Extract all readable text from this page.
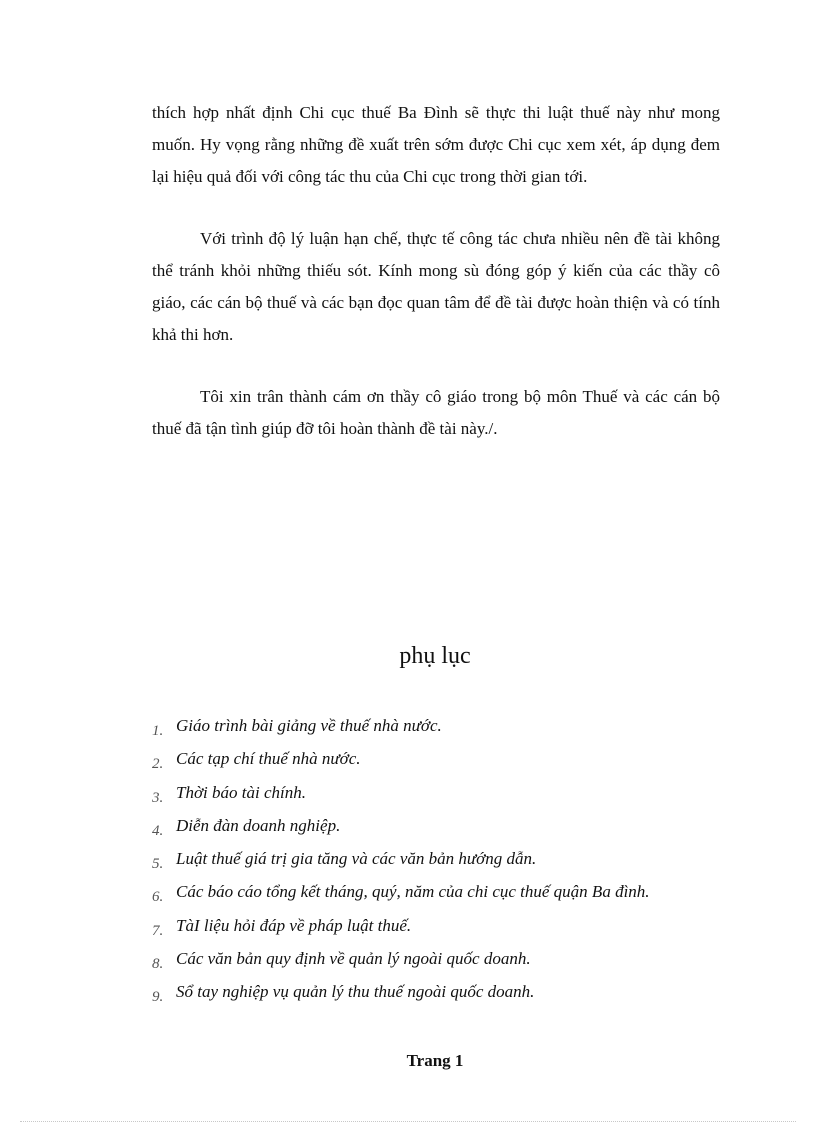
thích hợp nhất định Chi cục thuế Ba Đình sẽ thực thi luật thuế này như mong muốn. Hy vọng rằng những đề xuất trên sớm được Chi cục xem xét, áp dụng đem lại hiệu quả đối với công tác thu của Chi cục trong thời gian tới.

Với trình độ lý luận hạn chế, thực tế công tác chưa nhiều nên đề tài không thể tránh khỏi những thiếu sót. Kính mong sù đóng góp ý kiến của các thầy cô giáo, các cán bộ thuế và các bạn đọc quan tâm để đề tài được hoàn thiện và có tính khả thi hơn.

Tôi xin trân thành cám ơn thầy cô giáo trong bộ môn Thuế và các cán bộ thuế đã tận tình giúp đỡ tôi hoàn thành đề tài này./.

phụ lục
1. Giáo trình bài giảng về thuế nhà nước.
2. Các tạp chí thuế nhà nước.
3. Thời báo tài chính.
4. Diễn đàn doanh nghiệp.
5. Luật thuế giá trị gia tăng và các văn bản hướng dẫn.
6. Các báo cáo tổng kết tháng, quý, năm của chi cục thuế quận Ba đình.
7. TàI liệu hỏi đáp về pháp luật thuế.
8. Các văn bản quy định về quản lý ngoài quốc doanh.
9. Sổ tay nghiệp vụ quản lý thu thuế ngoài quốc doanh.
Trang 1
